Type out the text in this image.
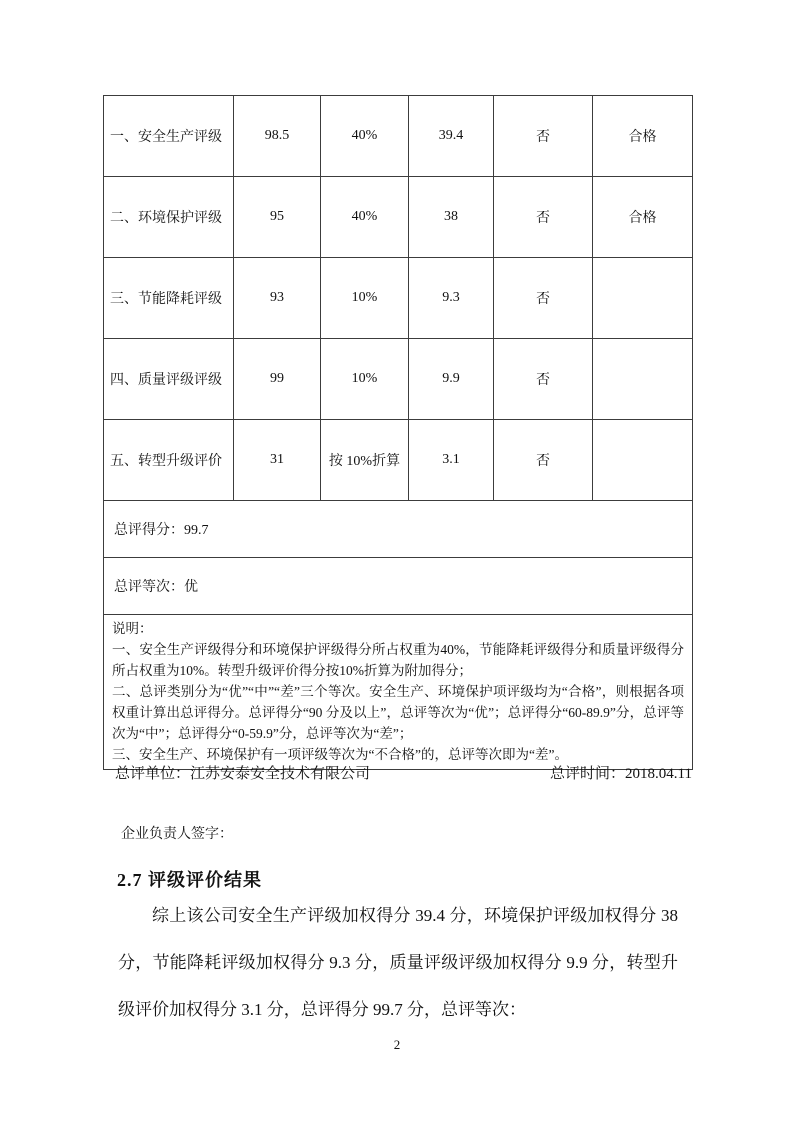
一、安全生产评级	98.5	40%	39.4	否	合格
二、环境保护评级	95	40%	38	否	合格
三、节能降耗评级	93	10%	9.3	否	
四、质量评级评级	99	10%	9.9	否	
五、转型升级评价	31	按 10%折算	3.1	否	
总评得分：99.7					
总评等次：优					

说明：
一、安全生产评级得分和环境保护评级得分所占权重为40%，节能降耗评级得分和质量评级得分所占权重为10%。转型升级评价得分按10%折算为附加得分；
二、总评类别分为“优”“中”“差”三个等次。安全生产、环境保护项评级均为“合格”，则根据各项权重计算出总评得分。总评得分“90 分及以上”，总评等次为“优”；总评得分“60-89.9”分，总评等次为“中”；总评得分“0-59.9”分，总评等次为“差”；
三、安全生产、环境保护有一项评级等次为“不合格”的，总评等次即为“差”。					
总评单位：江苏安泰安全技术有限公司	总评时间：2018.04.11
企业负责人签字：
2.7 评级评价结果
综上该公司安全生产评级加权得分 39.4 分，环境保护评级加权得分 38 分，节能降耗评级加权得分 9.3 分，质量评级评级加权得分 9.9 分，转型升级评价加权得分 3.1 分，总评得分 99.7 分，总评等次：
2
